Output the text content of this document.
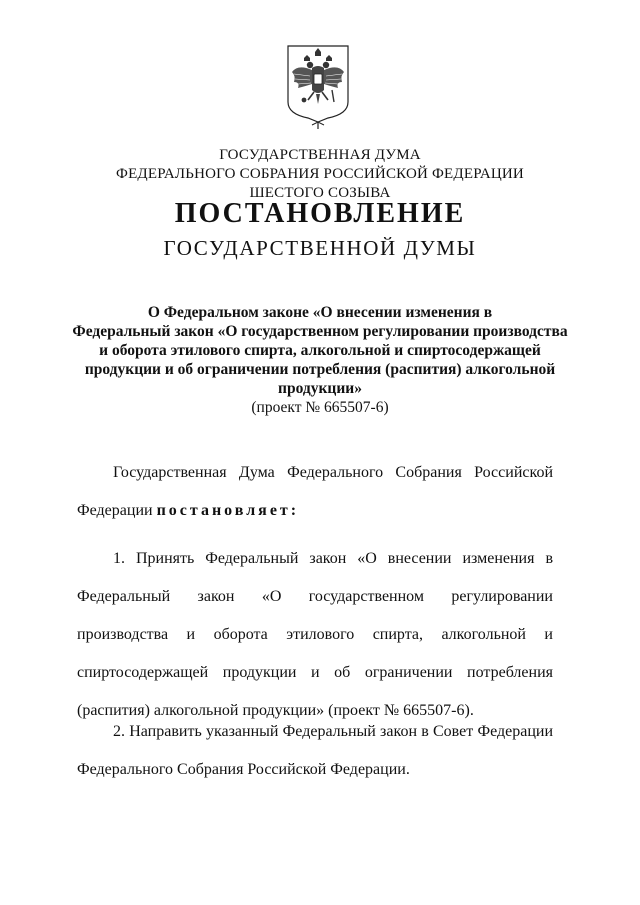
ГОСУДАРСТВЕННАЯ ДУМА
ФЕДЕРАЛЬНОГО СОБРАНИЯ РОССИЙСКОЙ ФЕДЕРАЦИИ
ШЕСТОГО СОЗЫВА
ПОСТАНОВЛЕНИЕ
ГОСУДАРСТВЕННОЙ ДУМЫ
О Федеральном законе «О внесении изменения в
Федеральный закон «О государственном регулировании производства
и оборота этилового спирта, алкогольной и спиртосодержащей
продукции и об ограничении потребления (распития) алкогольной
продукции»
(проект № 665507-6)
Государственная Дума Федерального Собрания Российской Федерации постановляет:
1. Принять Федеральный закон «О внесении изменения в Федеральный закон «О государственном регулировании производства и оборота этилового спирта, алкогольной и спиртосодержащей продукции и об ограничении потребления (распития) алкогольной продукции» (проект № 665507-6).
2. Направить указанный Федеральный закон в Совет Федерации Федерального Собрания Российской Федерации.
